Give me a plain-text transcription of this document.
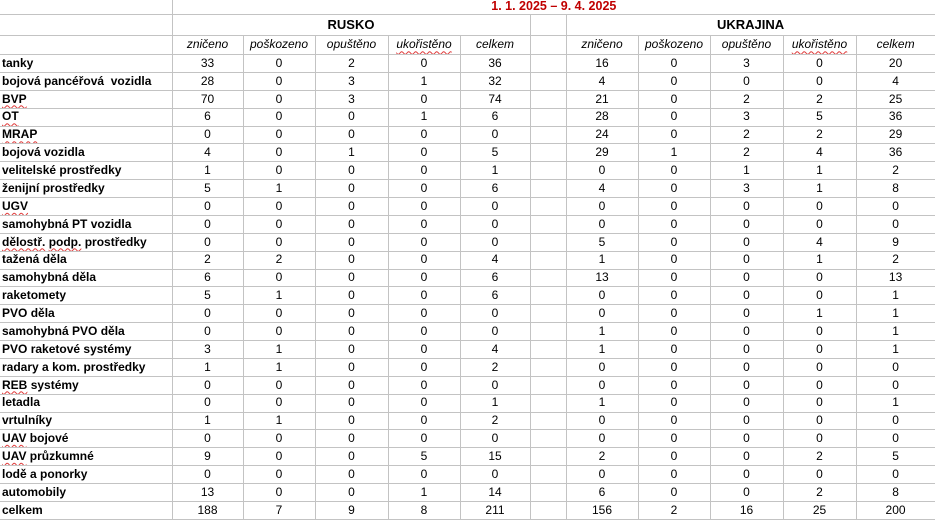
	1. 1. 2025 – 9. 4. 2025										
	RUSKO						UKRAJINA				
	zničeno	poškozeno	opuštěno	ukořistěno	celkem		zničeno	poškozeno	opuštěno	ukořistěno	celkem
tanky	33	0	2	0	36		16	0	3	0	20
bojová pancéřová vozidla	28	0	3	1	32		4	0	0	0	4
BVP	70	0	3	0	74		21	0	2	2	25
OT	6	0	0	1	6		28	0	3	5	36
MRAP	0	0	0	0	0		24	0	2	2	29
bojová vozidla	4	0	1	0	5		29	1	2	4	36
velitelské prostředky	1	0	0	0	1		0	0	1	1	2
ženijní prostředky	5	1	0	0	6		4	0	3	1	8
UGV	0	0	0	0	0		0	0	0	0	0
samohybná PT vozidla	0	0	0	0	0		0	0	0	0	0
dělostř. podp. prostředky	0	0	0	0	0		5	0	0	4	9
tažená děla	2	2	0	0	4		1	0	0	1	2
samohybná děla	6	0	0	0	6		13	0	0	0	13
raketomety	5	1	0	0	6		0	0	0	0	1
PVO děla	0	0	0	0	0		0	0	0	1	1
samohybná PVO děla	0	0	0	0	0		1	0	0	0	1
PVO raketové systémy	3	1	0	0	4		1	0	0	0	1
radary a kom. prostředky	1	1	0	0	2		0	0	0	0	0
REB systémy	0	0	0	0	0		0	0	0	0	0
letadla	0	0	0	0	1		1	0	0	0	1
vrtulníky	1	1	0	0	2		0	0	0	0	0
UAV bojové	0	0	0	0	0		0	0	0	0	0
UAV průzkumné	9	0	0	5	15		2	0	0	2	5
lodě a ponorky	0	0	0	0	0		0	0	0	0	0
automobily	13	0	0	1	14		6	0	0	2	8
celkem	188	7	9	8	211		156	2	16	25	200
